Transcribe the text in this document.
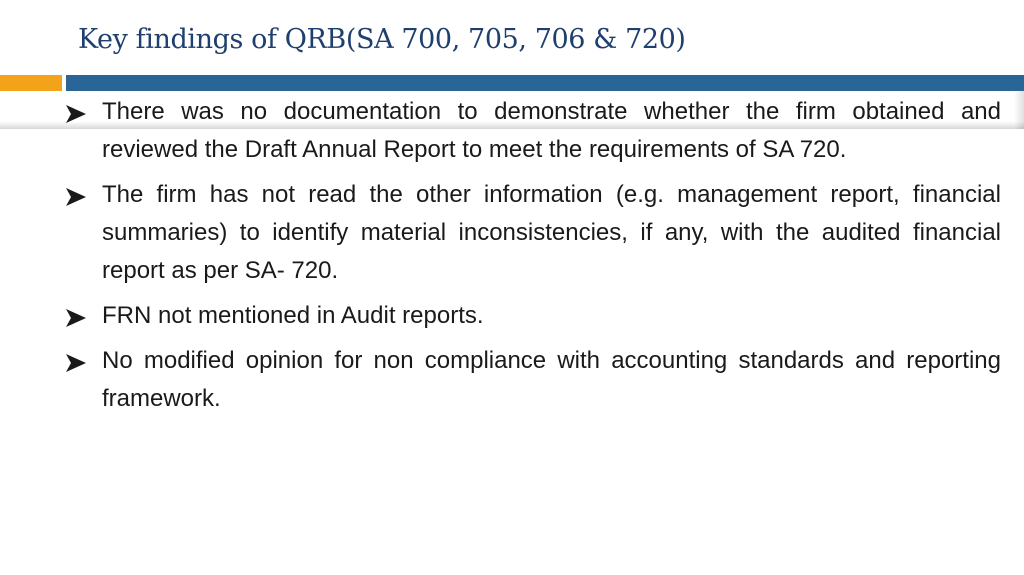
Key findings of QRB(SA 700, 705, 706 & 720)
There was no documentation to demonstrate whether the firm obtained and reviewed the Draft Annual Report to meet the requirements of SA 720.
The firm has not read the other information (e.g. management report, financial summaries) to identify material inconsistencies, if any, with the audited financial report as per SA- 720.
FRN not mentioned in Audit reports.
No modified opinion for non compliance with accounting standards and reporting framework.
